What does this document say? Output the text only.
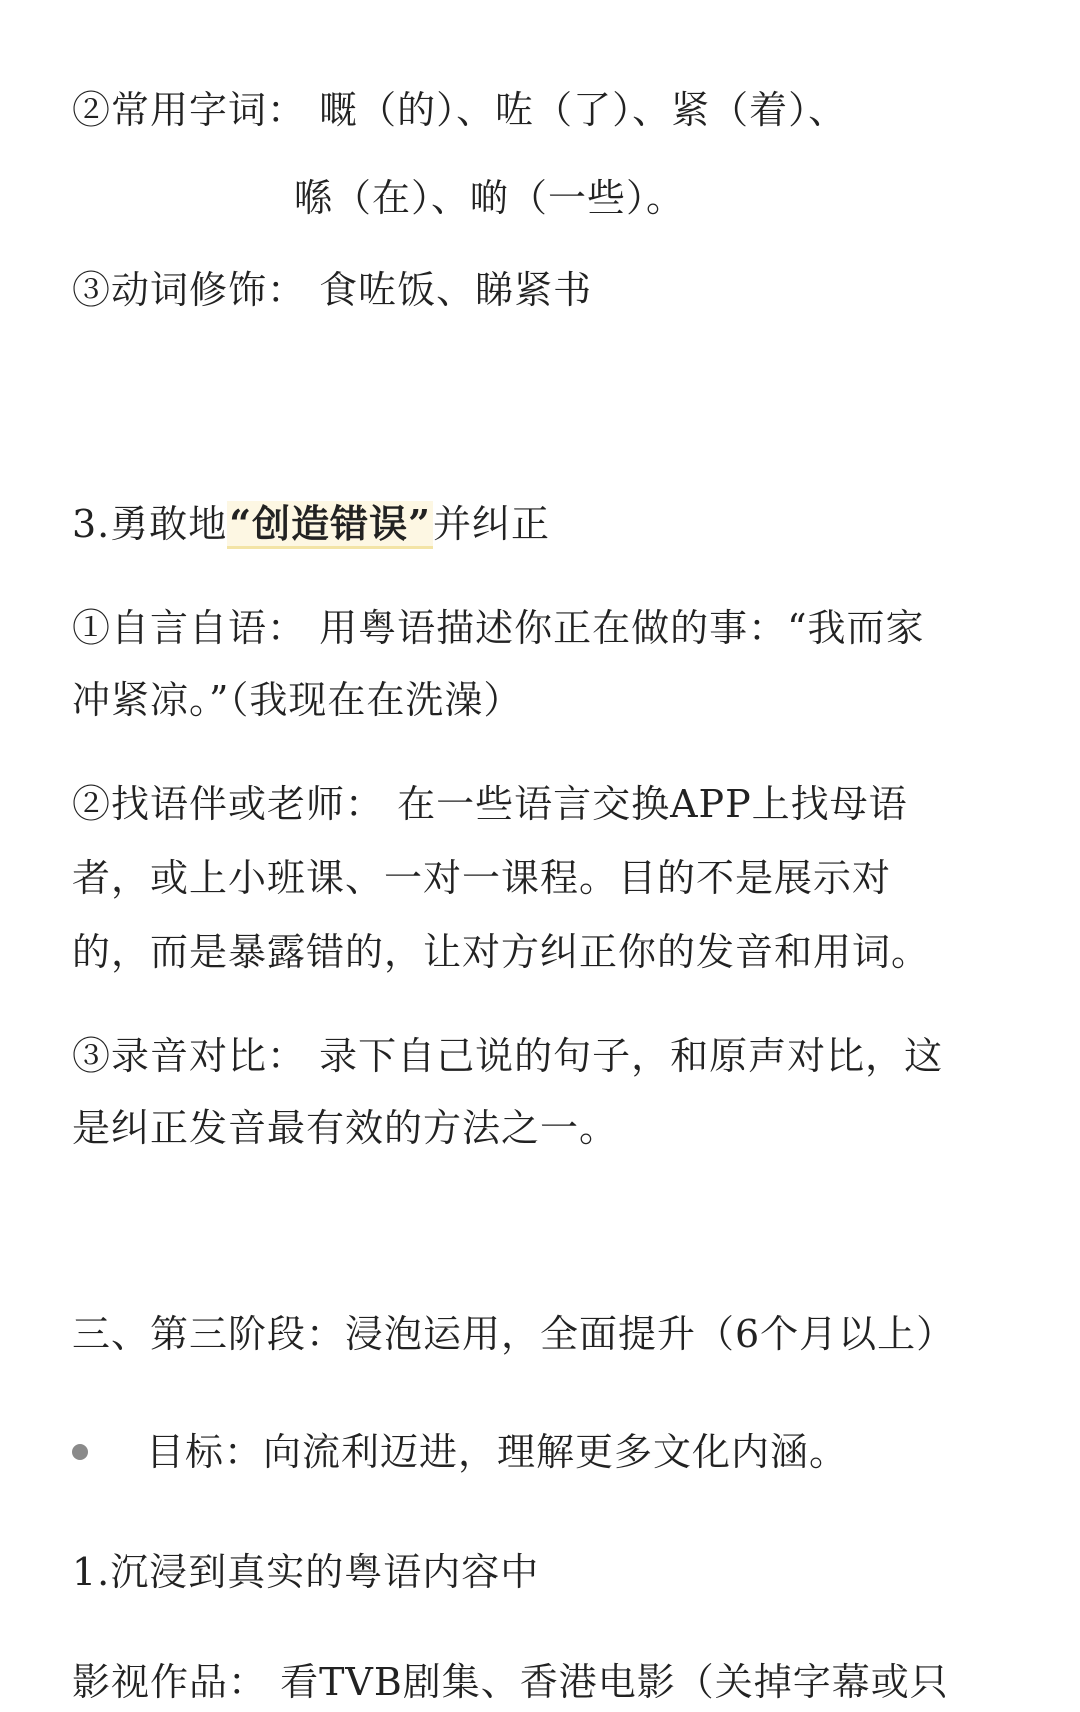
②常用字词： 嘅（的）、咗（了）、紧（着）、
喺（在）、啲（一些）。
③动词修饰： 食咗饭、睇紧书
3.勇敢地“创造错误”并纠正
①自言自语： 用粤语描述你正在做的事：“我而家
冲紧凉。”（我现在在洗澡）
②找语伴或老师： 在一些语言交换APP上找母语
者，或上小班课、一对一课程。目的不是展示对
的，而是暴露错的，让对方纠正你的发音和用词。
③录音对比： 录下自己说的句子，和原声对比，这
是纠正发音最有效的方法之一。
三、第三阶段：浸泡运用，全面提升（6个月以上）
目标：向流利迈进，理解更多文化内涵。
1.沉浸到真实的粤语内容中
影视作品： 看TVB剧集、香港电影（关掉字幕或只
